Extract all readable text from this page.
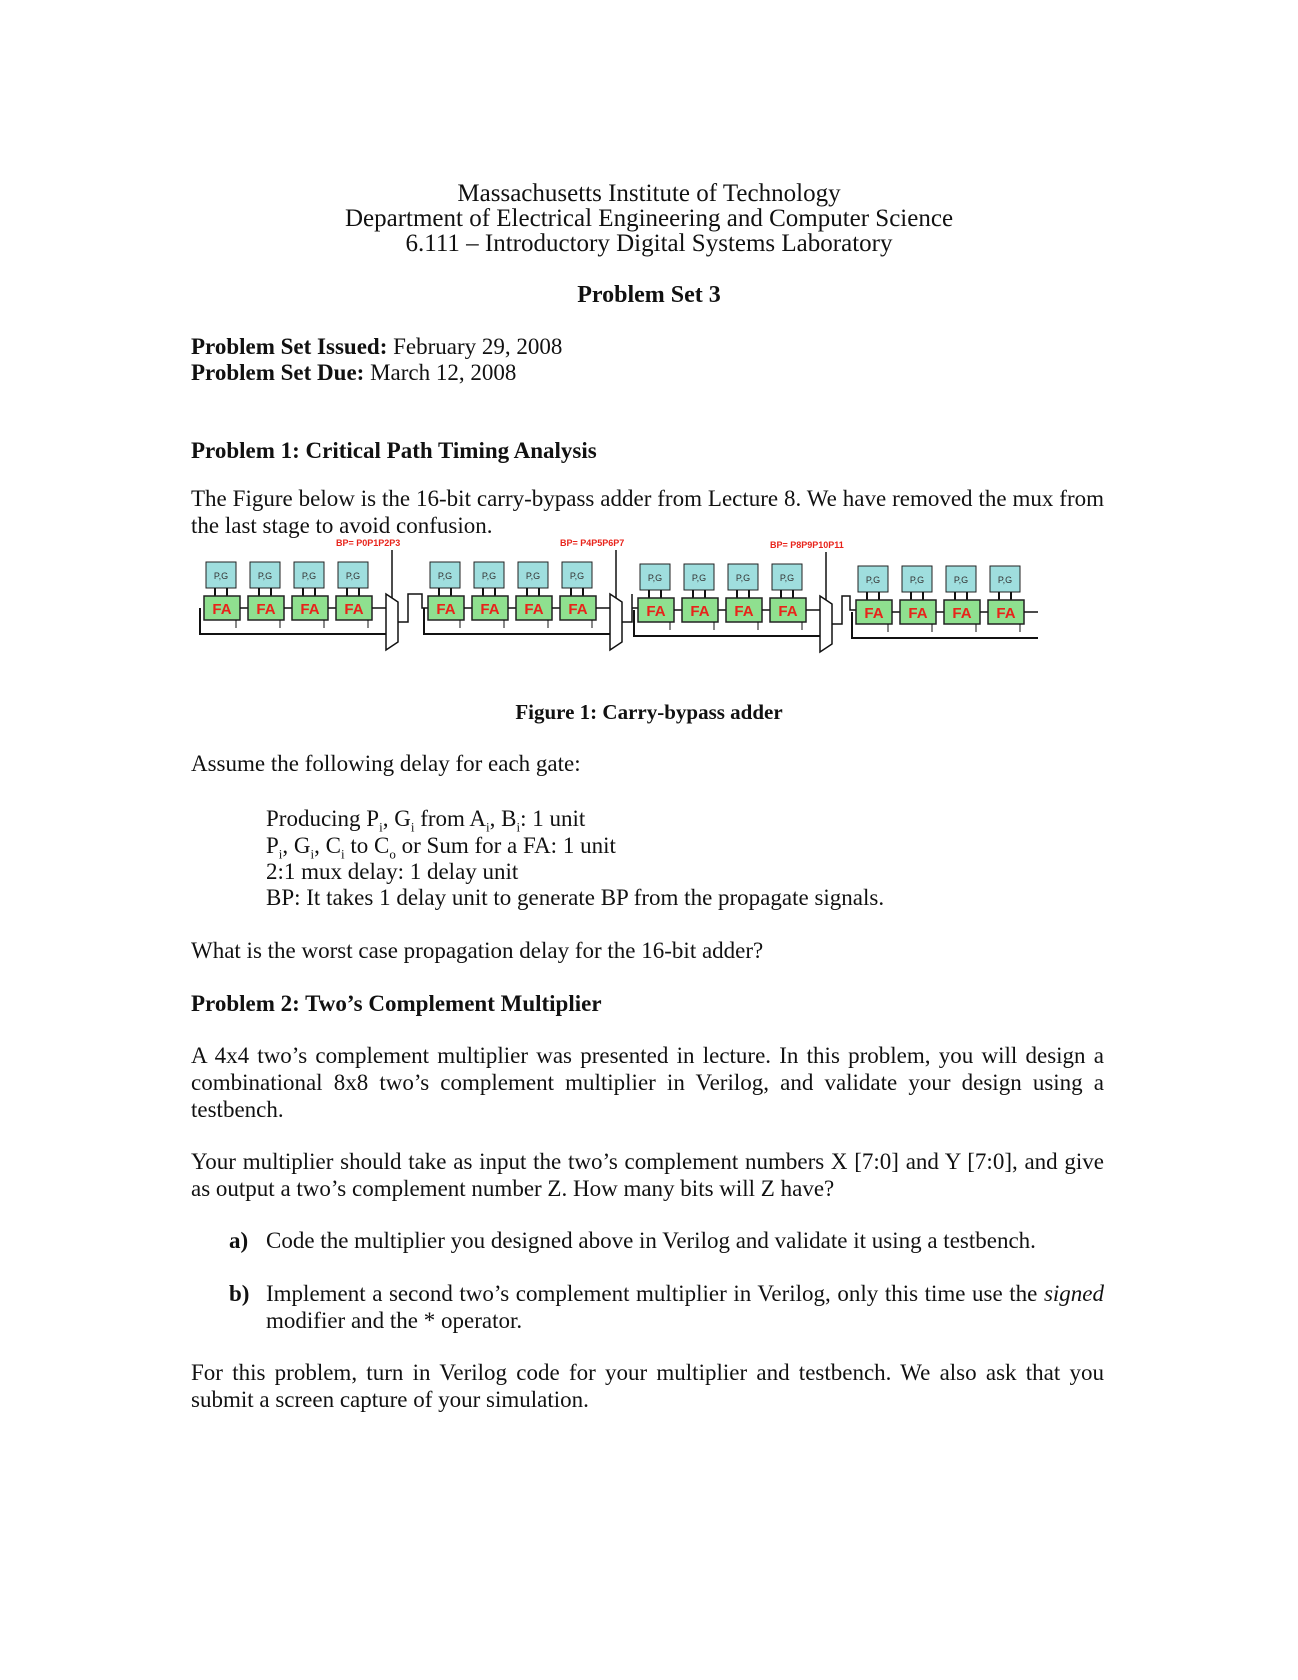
Massachusetts Institute of Technology
Department of Electrical Engineering and Computer Science
6.111 – Introductory Digital Systems Laboratory
Problem Set 3
Problem Set Issued: February 29, 2008
Problem Set Due: March 12, 2008
Problem 1: Critical Path Timing Analysis
The Figure below is the 16-bit carry-bypass adder from Lecture 8. We have removed the mux from the last stage to avoid confusion.
P,G
FA
P,G
FA
P,G
FA
P,G
FA
BP= P0P1P2P3
P,G
FA
P,G
FA
P,G
FA
P,G
FA
BP= P4P5P6P7
P,G
FA
P,G
FA
P,G
FA
P,G
FA
BP= P8P9P10P11
P,G
FA
P,G
FA
P,G
FA
P,G
FA
Figure 1: Carry-bypass adder
Assume the following delay for each gate:
Producing $P_i$, $G_i$ from $A_i$, $B_i$: 1 unit
$P_i$, $G_i$, $C_i$ to $C_o$ or Sum for a FA: 1 unit
2:1 mux delay: 1 delay unit
BP: It takes 1 delay unit to generate BP from the propagate signals.
What is the worst case propagation delay for the 16-bit adder?
Problem 2: Two’s Complement Multiplier
A 4x4 two’s complement multiplier was presented in lecture. In this problem, you will design a combinational 8x8 two’s complement multiplier in Verilog, and validate your design using a testbench.
Your multiplier should take as input the two’s complement numbers X [7:0] and Y [7:0], and give as output a two’s complement number Z. How many bits will Z have?
a) Code the multiplier you designed above in Verilog and validate it using a testbench.
b) Implement a second two’s complement multiplier in Verilog, only this time use the signed modifier and the * operator.
For this problem, turn in Verilog code for your multiplier and testbench. We also ask that you submit a screen capture of your simulation.
